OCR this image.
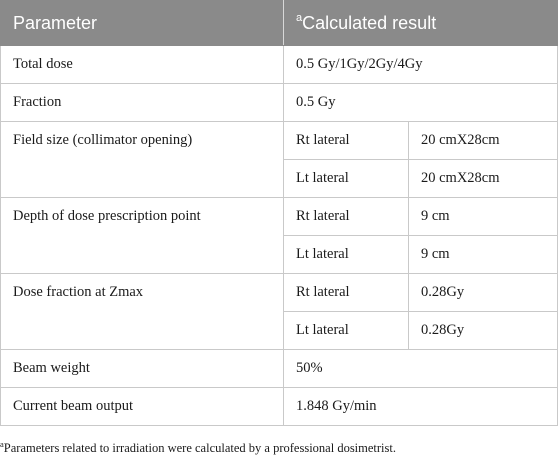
Parameter	$^a$Calculated result	
Total dose	0.5 Gy/1Gy/2Gy/4Gy	
Fraction	0.5 Gy	
Field size (collimator opening)	Rt lateral	20 cmX28cm
	Lt lateral	20 cmX28cm
Depth of dose prescription point	Rt lateral	9 cm
	Lt lateral	9 cm
Dose fraction at Zmax	Rt lateral	0.28Gy
	Lt lateral	0.28Gy
Beam weight	50%	
Current beam output	1.848 Gy/min	
$^a$Parameters related to irradiation were calculated by a professional dosimetrist.
